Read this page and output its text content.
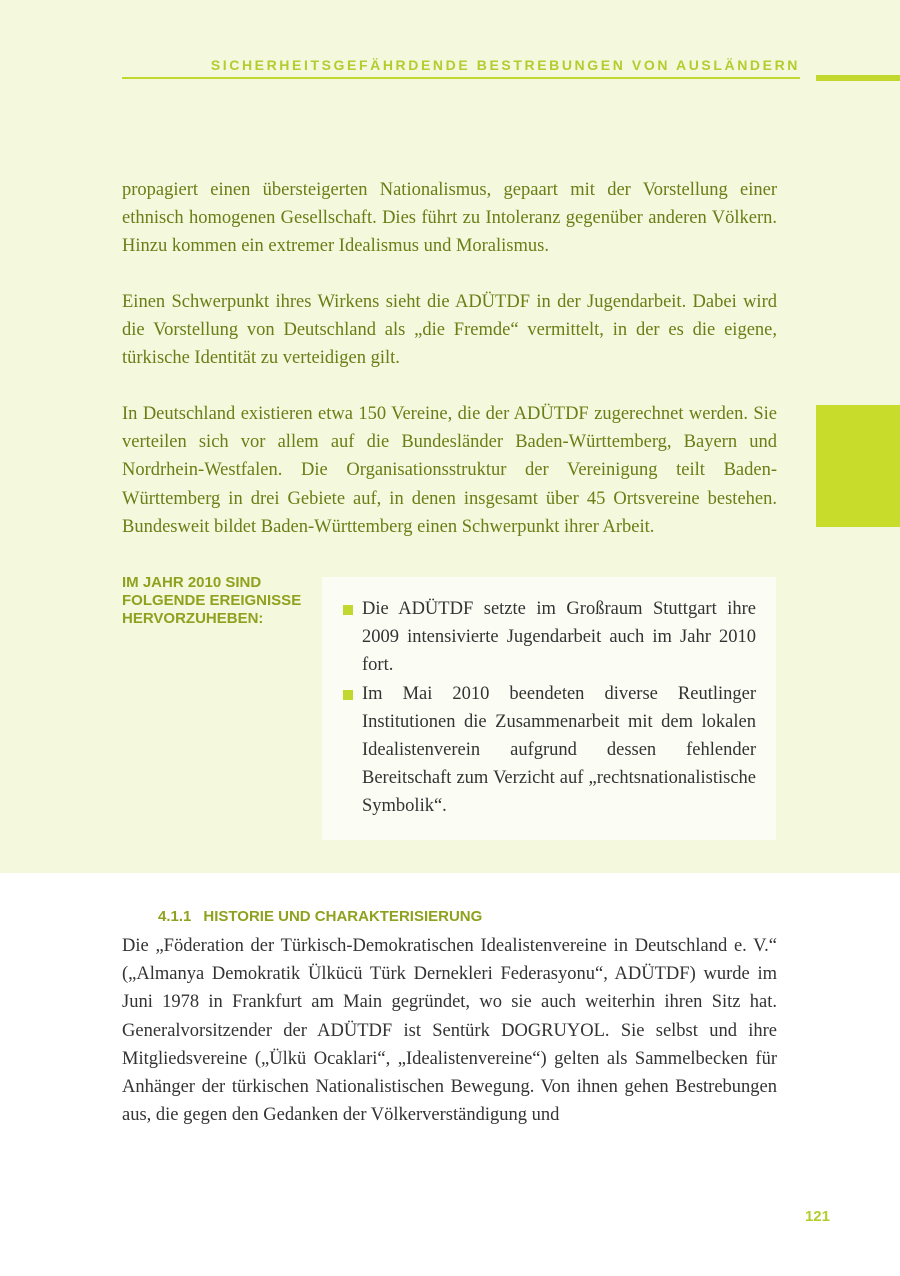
SICHERHEITSGEFÄHRDENDE BESTREBUNGEN VON AUSLÄNDERN

propagiert einen übersteigerten Nationalismus, gepaart mit der Vorstellung einer ethnisch homogenen Gesellschaft. Dies führt zu Intoleranz gegenüber anderen Völkern. Hinzu kommen ein extremer Idealismus und Moralismus.

Einen Schwerpunkt ihres Wirkens sieht die ADÜTDF in der Jugendarbeit. Dabei wird die Vorstellung von Deutschland als „die Fremde“ vermittelt, in der es die eigene, türkische Identität zu verteidigen gilt.

In Deutschland existieren etwa 150 Vereine, die der ADÜTDF zugerechnet werden. Sie verteilen sich vor allem auf die Bundesländer Baden-Württemberg, Bayern und Nordrhein-Westfalen. Die Organisationsstruktur der Vereinigung teilt Baden-Württemberg in drei Gebiete auf, in denen insgesamt über 45 Ortsvereine bestehen. Bundesweit bildet Baden-Württemberg einen Schwerpunkt ihrer Arbeit.

IM JAHR 2010 SIND FOLGENDE EREIGNISSE HERVORZUHEBEN:	Die ADÜTDF setzte im Großraum Stuttgart ihre 2009 intensivierte Jugendarbeit auch im Jahr 2010 fort.
Im Mai 2010 beendeten diverse Reutlinger Institutionen die Zusammenarbeit mit dem lokalen Idealistenverein aufgrund dessen fehlender Bereitschaft zum Verzicht auf „rechtsnationalistische Symbolik“.
4.1.1 HISTORIE UND CHARAKTERISIERUNG

Die „Föderation der Türkisch-Demokratischen Idealistenvereine in Deutschland e. V.“ („Almanya Demokratik Ülkücü Türk Dernekleri Federasyonu“, ADÜTDF) wurde im Juni 1978 in Frankfurt am Main gegründet, wo sie auch weiterhin ihren Sitz hat. Generalvorsitzender der ADÜTDF ist Sentürk DOGRUYOL. Sie selbst und ihre Mitgliedsvereine („Ülkü Ocaklari“, „Idealistenvereine“) gelten als Sammelbecken für Anhänger der türkischen Nationalistischen Bewegung. Von ihnen gehen Bestrebungen aus, die gegen den Gedanken der Völkerverständigung und

121
